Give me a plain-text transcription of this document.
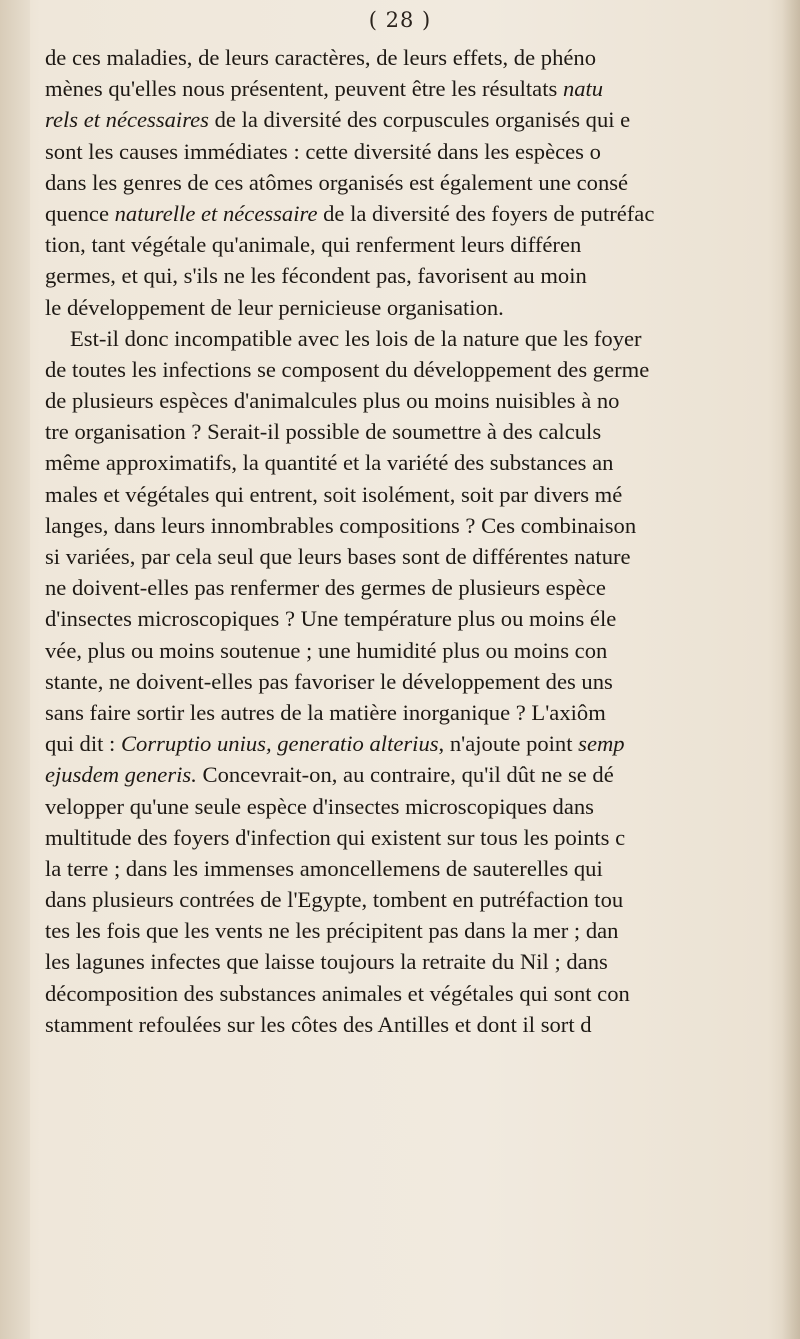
( 28 )
de ces maladies, de leurs caractères, de leurs effets, de phéno
mènes qu'elles nous présentent, peuvent être les résultats natu
rels et nécessaires de la diversité des corpuscules organisés qui e
sont les causes immédiates : cette diversité dans les espèces o
dans les genres de ces atômes organisés est également une consé
quence naturelle et nécessaire de la diversité des foyers de putréfac
tion, tant végétale qu'animale, qui renferment leurs différen
germes, et qui, s'ils ne les fécondent pas, favorisent au moin
le développement de leur pernicieuse organisation.
Est-il donc incompatible avec les lois de la nature que les foyer
de toutes les infections se composent du développement des germe
de plusieurs espèces d'animalcules plus ou moins nuisibles à no
tre organisation ? Serait-il possible de soumettre à des calculs
même approximatifs, la quantité et la variété des substances an
males et végétales qui entrent, soit isolément, soit par divers mé
langes, dans leurs innombrables compositions ? Ces combinaison
si variées, par cela seul que leurs bases sont de différentes nature
ne doivent-elles pas renfermer des germes de plusieurs espèce
d'insectes microscopiques ? Une température plus ou moins éle
vée, plus ou moins soutenue ; une humidité plus ou moins con
stante, ne doivent-elles pas favoriser le développement des uns
sans faire sortir les autres de la matière inorganique ? L'axiôm
qui dit : Corruptio unius, generatio alterius, n'ajoute point semp
ejusdem generis. Concevrait-on, au contraire, qu'il dût ne se dé
velopper qu'une seule espèce d'insectes microscopiques dans
multitude des foyers d'infection qui existent sur tous les points c
la terre ; dans les immenses amoncellemens de sauterelles qui
dans plusieurs contrées de l'Egypte, tombent en putréfaction tou
tes les fois que les vents ne les précipitent pas dans la mer ; dan
les lagunes infectes que laisse toujours la retraite du Nil ; dans
décomposition des substances animales et végétales qui sont con
stamment refoulées sur les côtes des Antilles et dont il sort d
